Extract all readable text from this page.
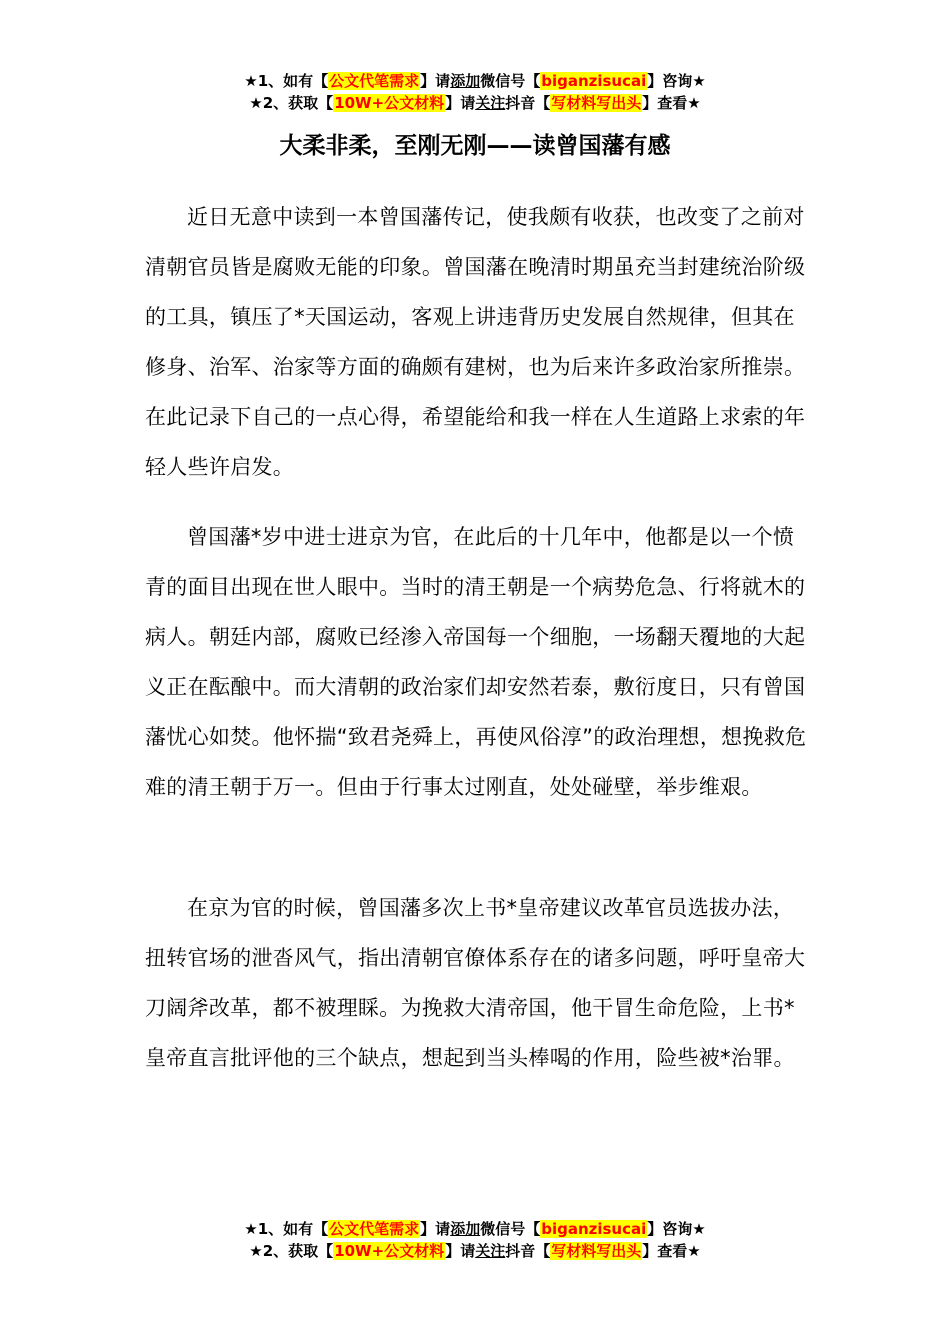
★1、如有【公文代笔需求】请添加微信号【biganzisucai】咨询★
★2、获取【10W+公文材料】请关注抖音【写材料写出头】查看★
大柔非柔，至刚无刚——读曾国藩有感

近日无意中读到一本曾国藩传记，使我颇有收获，也改变了之前对清朝官员皆是腐败无能的印象。曾国藩在晚清时期虽充当封建统治阶级的工具，镇压了*天国运动，客观上讲违背历史发展自然规律，但其在修身、治军、治家等方面的确颇有建树，也为后来许多政治家所推崇。在此记录下自己的一点心得，希望能给和我一样在人生道路上求索的年轻人些许启发。

曾国藩*岁中进士进京为官，在此后的十几年中，他都是以一个愤青的面目出现在世人眼中。当时的清王朝是一个病势危急、行将就木的病人。朝廷内部，腐败已经渗入帝国每一个细胞，一场翻天覆地的大起义正在酝酿中。而大清朝的政治家们却安然若泰，敷衍度日，只有曾国藩忧心如焚。他怀揣“致君尧舜上，再使风俗淳”的政治理想，想挽救危难的清王朝于万一。但由于行事太过刚直，处处碰壁，举步维艰。

在京为官的时候，曾国藩多次上书*皇帝建议改革官员选拔办法，扭转官场的泄沓风气，指出清朝官僚体系存在的诸多问题，呼吁皇帝大刀阔斧改革，都不被理睬。为挽救大清帝国，他干冒生命危险，上书*皇帝直言批评他的三个缺点，想起到当头棒喝的作用，险些被*治罪。

★1、如有【公文代笔需求】请添加微信号【biganzisucai】咨询★
★2、获取【10W+公文材料】请关注抖音【写材料写出头】查看★
